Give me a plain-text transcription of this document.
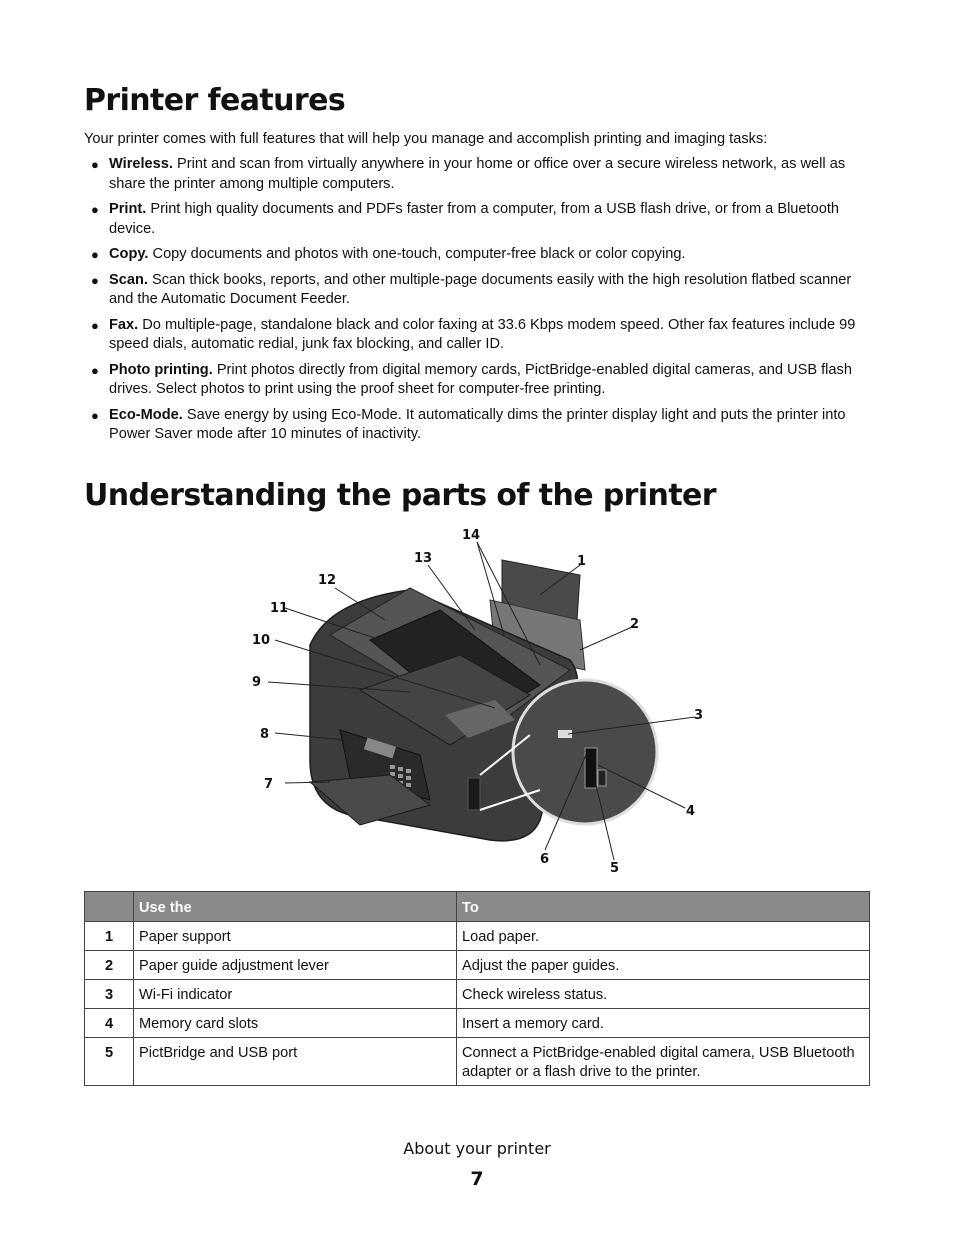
Printer features

Your printer comes with full features that will help you manage and accomplish printing and imaging tasks:

● Wireless. Print and scan from virtually anywhere in your home or office over a secure wireless network, as well as share the printer among multiple computers.
● Print. Print high quality documents and PDFs faster from a computer, from a USB flash drive, or from a Bluetooth device.
● Copy. Copy documents and photos with one-touch, computer-free black or color copying.
● Scan. Scan thick books, reports, and other multiple-page documents easily with the high resolution flatbed scanner and the Automatic Document Feeder.
● Fax. Do multiple-page, standalone black and color faxing at 33.6 Kbps modem speed. Other fax features include 99 speed dials, automatic redial, junk fax blocking, and caller ID.
● Photo printing. Print photos directly from digital memory cards, PictBridge-enabled digital cameras, and USB flash drives. Select photos to print using the proof sheet for computer-free printing.
● Eco-Mode. Save energy by using Eco-Mode. It automatically dims the printer display light and puts the printer into Power Saver mode after 10 minutes of inactivity.
Understanding the parts of the printer
1
2
3
4
5
6
7
8
9
10
11
12
13
14
	Use the	To
1	Paper support	Load paper.
2	Paper guide adjustment lever	Adjust the paper guides.
3	Wi-Fi indicator	Check wireless status.
4	Memory card slots	Insert a memory card.
5	PictBridge and USB port	Connect a PictBridge-enabled digital camera, USB Bluetooth adapter or a flash drive to the printer.
About your printer
7
